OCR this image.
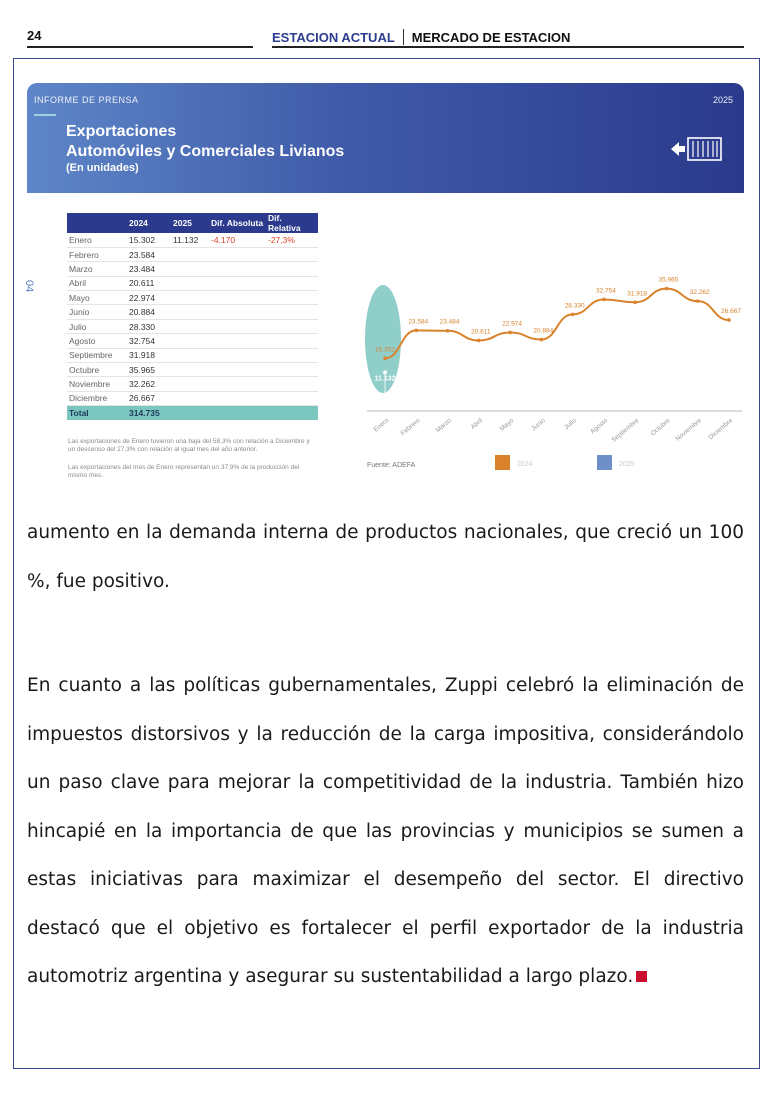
24	ESTACION ACTUAL MERCADO DE ESTACION
INFORME DE PRENSA	2025
Exportaciones
Automóviles y Comerciales Livianos
(En unidades)
04
	2024	2025	Dif. Absoluta	Dif. Relativa
Enero	15.302	11.132	-4.170	-27,3%
Febrero	23.584			
Marzo	23.484			
Abril	20.611			
Mayo	22.974			
Junio	20.884			
Julio	28.330			
Agosto	32.754			
Septiembre	31.918			
Octubre	35.965			
Noviembre	32.262			
Diciembre	26.667			
Total	314.735			
Las exportaciones de Enero tuvieron una baja del 58,3% con relación a Diciembre y un descenso del 27,3% con relación al igual mes del año anterior.
Las exportaciones del mes de Enero representan un 37,9% de la producción del mismo mes.
15.302
23.584 23.484
20.611
22.974
20.884
28.330
32.754 31.918
35.965
32.262
26.667
11.132
Enero Febrero Marzo	Abril Mayo Junio	Julio Agosto Septiembre Octubre Noviembre Diciembre
Fuente: ADEFA	2024	2025
aumento en la demanda interna de productos nacionales, que creció un 100 %, fue positivo.
En cuanto a las políticas gubernamentales, Zuppi celebró la eliminación de impuestos distorsivos y la reducción de la carga impositiva, considerándolo un paso clave para mejorar la competitividad de la industria. También hizo hincapié en la importancia de que las provincias y municipios se sumen a estas iniciativas para maximizar el desempeño del sector. El directivo destacó que el objetivo es fortalecer el perfil exportador de la industria automotriz argentina y asegurar su sustentabilidad a largo plazo.
